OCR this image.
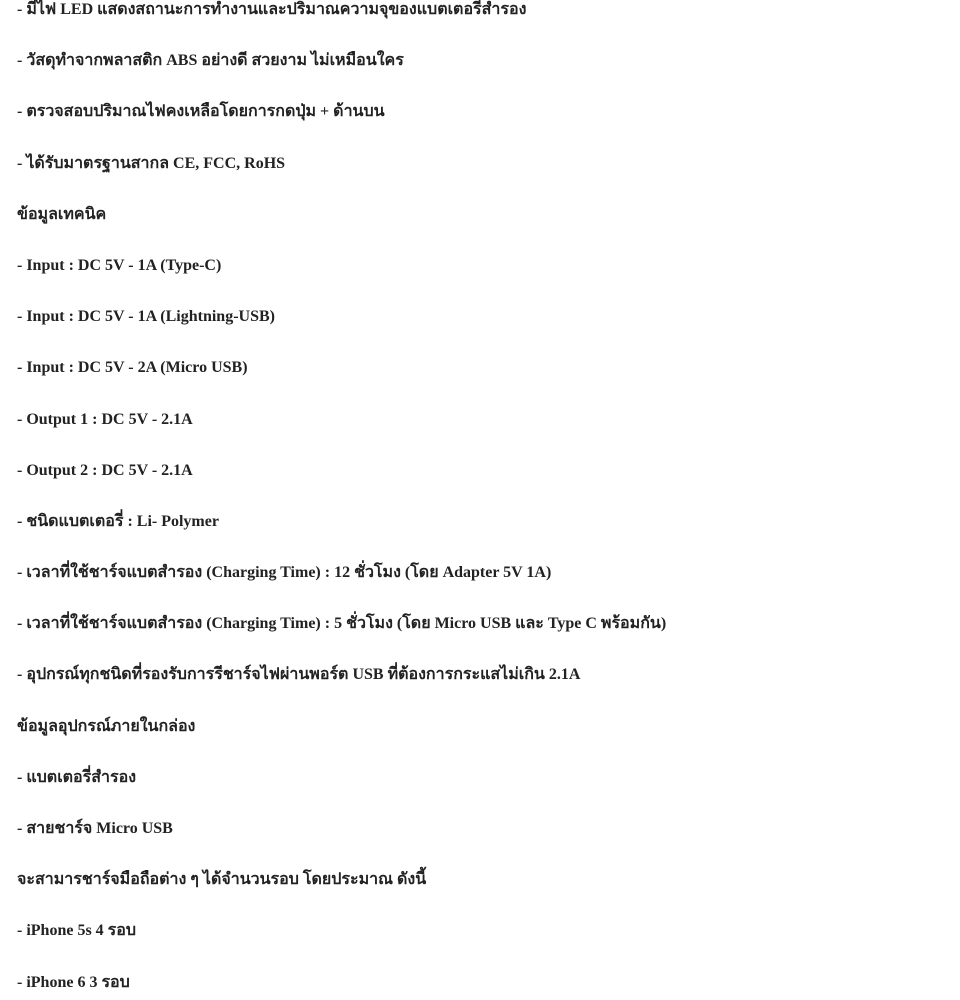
- มีไฟ LED แสดงสถานะการทำงานและปริมาณความจุของแบตเตอรี่สำรอง
- วัสดุทำจากพลาสติก ABS อย่างดี สวยงาม ไม่เหมือนใคร
- ตรวจสอบปริมาณไฟคงเหลือโดยการกดปุ่ม + ด้านบน
- ได้รับมาตรฐานสากล CE, FCC, RoHS
ข้อมูลเทคนิค
- Input : DC 5V - 1A (Type-C)
- Input : DC 5V - 1A (Lightning-USB)
- Input : DC 5V - 2A (Micro USB)
- Output 1 : DC 5V - 2.1A
- Output 2 : DC 5V - 2.1A
- ชนิดแบตเตอรี่ : Li- Polymer
- เวลาที่ใช้ชาร์จแบตสำรอง (Charging Time) : 12 ชั่วโมง (โดย Adapter 5V 1A)
- เวลาที่ใช้ชาร์จแบตสำรอง (Charging Time) : 5 ชั่วโมง (โดย Micro USB และ Type C พร้อมกัน)
- อุปกรณ์ทุกชนิดที่รองรับการรีชาร์จไฟผ่านพอร์ต USB ที่ต้องการกระแสไม่เกิน 2.1A
ข้อมูลอุปกรณ์ภายในกล่อง
- แบตเตอรี่สำรอง
- สายชาร์จ Micro USB
จะสามารชาร์จมือถือต่าง ๆ ได้จำนวนรอบ โดยประมาณ ดังนี้
- iPhone 5s 4 รอบ
- iPhone 6 3 รอบ
